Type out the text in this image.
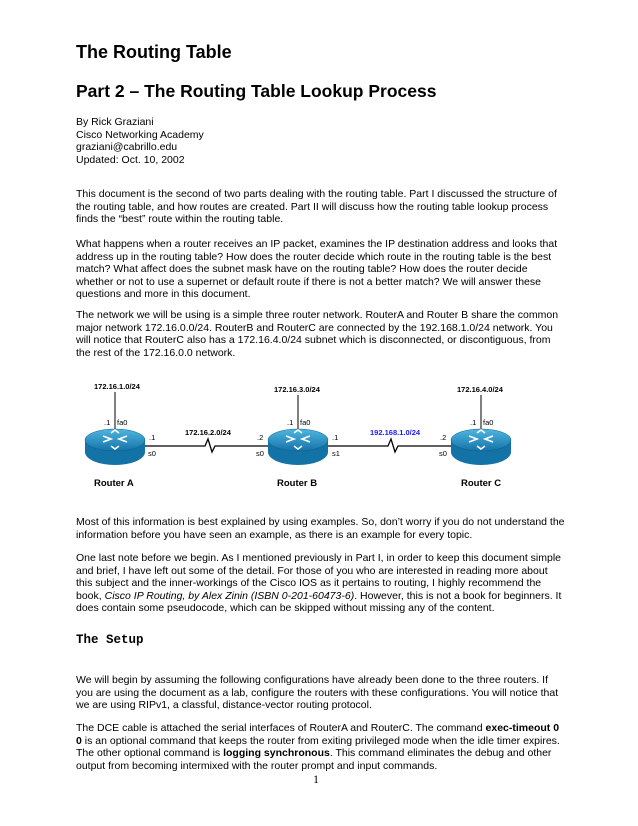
The Routing Table
Part 2 – The Routing Table Lookup Process
By Rick Graziani
Cisco Networking Academy
graziani@cabrillo.edu
Updated: Oct. 10, 2002

This document is the second of two parts dealing with the routing table. Part I discussed the structure of the routing table, and how routes are created. Part II will discuss how the routing table lookup process finds the “best” route within the routing table.

What happens when a router receives an IP packet, examines the IP destination address and looks that address up in the routing table? How does the router decide which route in the routing table is the best match? What affect does the subnet mask have on the routing table? How does the router decide whether or not to use a supernet or default route if there is not a better match? We will answer these questions and more in this document.

The network we will be using is a simple three router network. RouterA and Router B share the common major network 172.16.0.0/24. RouterB and RouterC are connected by the 192.168.1.0/24 network. You will notice that RouterC also has a 172.16.4.0/24 subnet which is disconnected, or discontiguous, from the rest of the 172.16.0.0 network.

172.16.1.0/24	172.16.3.0/24	172.16.4.0/24
.1 fa0
.1
s0
172.16.2.0/24
.2
s0
.1 fa0
.1
s1
192.168.1.0/24
.2
s0
.1 fa0
Router A	Router B	Router C

Most of this information is best explained by using examples. So, don’t worry if you do not understand the information before you have seen an example, as there is an example for every topic.

One last note before we begin. As I mentioned previously in Part I, in order to keep this document simple and brief, I have left out some of the detail. For those of you who are interested in reading more about this subject and the inner-workings of the Cisco IOS as it pertains to routing, I highly recommend the book, Cisco IP Routing, by Alex Zinin (ISBN 0-201-60473-6). However, this is not a book for beginners. It does contain some pseudocode, which can be skipped without missing any of the content.

The Setup

We will begin by assuming the following configurations have already been done to the three routers. If you are using the document as a lab, configure the routers with these configurations. You will notice that we are using RIPv1, a classful, distance-vector routing protocol.

The DCE cable is attached the serial interfaces of RouterA and RouterC. The command exec-timeout 0 0 is an optional command that keeps the router from exiting privileged mode when the idle timer expires. The other optional command is logging synchronous. This command eliminates the debug and other output from becoming intermixed with the router prompt and input commands.

1
